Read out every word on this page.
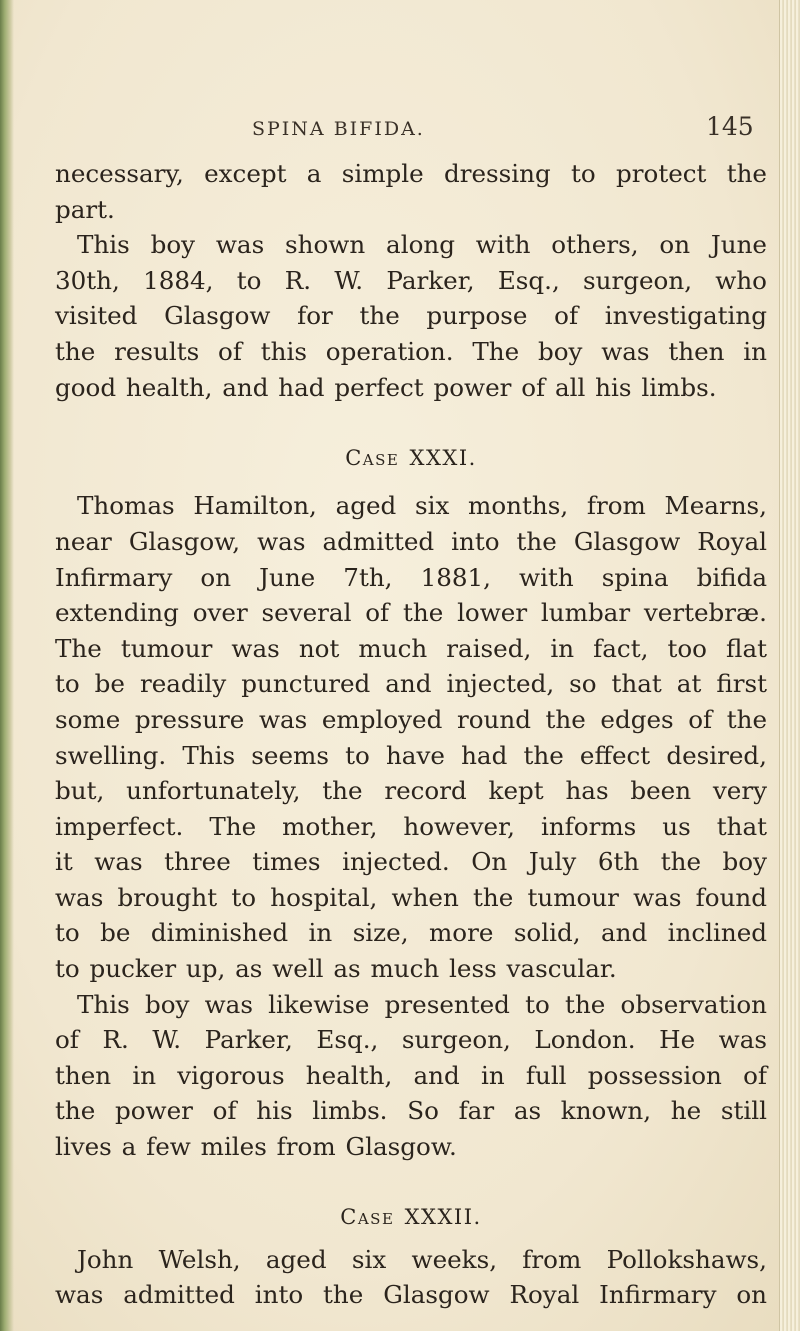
SPINA BIFIDA.	145
necessary, except a simple dressing to protect the
part.
This boy was shown along with others, on June
30th, 1884, to R. W. Parker, Esq., surgeon, who
visited Glasgow for the purpose of investigating
the results of this operation. The boy was then in
good health, and had perfect power of all his limbs.
Case XXXI.
Thomas Hamilton, aged six months, from Mearns,
near Glasgow, was admitted into the Glasgow Royal
Infirmary on June 7th, 1881, with spina bifida
extending over several of the lower lumbar vertebræ.
The tumour was not much raised, in fact, too flat
to be readily punctured and injected, so that at first
some pressure was employed round the edges of the
swelling. This seems to have had the effect desired,
but, unfortunately, the record kept has been very
imperfect. The mother, however, informs us that
it was three times injected. On July 6th the boy
was brought to hospital, when the tumour was found
to be diminished in size, more solid, and inclined
to pucker up, as well as much less vascular.
This boy was likewise presented to the observation
of R. W. Parker, Esq., surgeon, London. He was
then in vigorous health, and in full possession of
the power of his limbs. So far as known, he still
lives a few miles from Glasgow.
Case XXXII.
John Welsh, aged six weeks, from Pollokshaws,
was admitted into the Glasgow Royal Infirmary on
